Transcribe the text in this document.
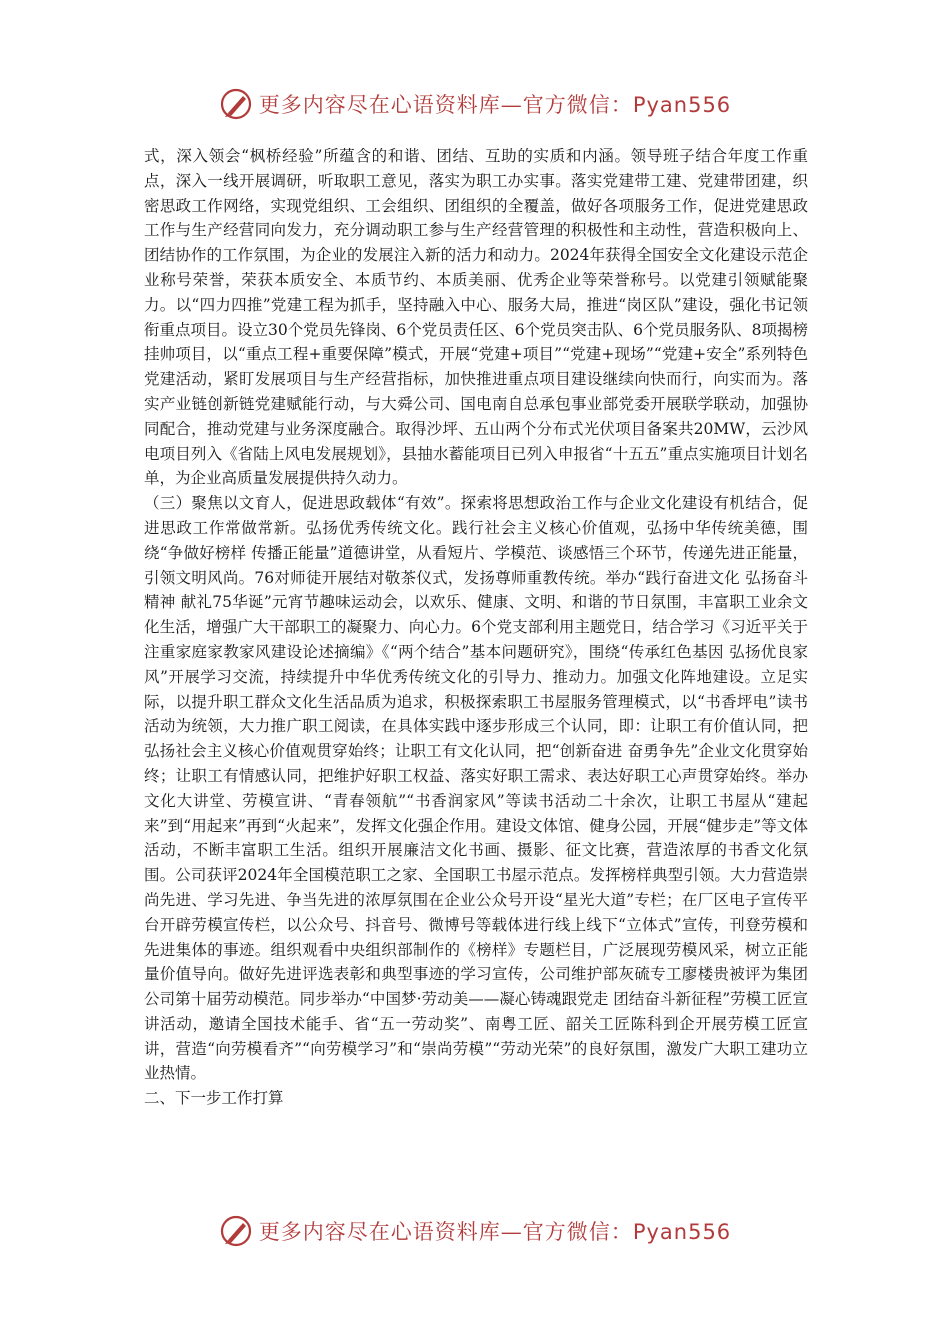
更多内容尽在心语资料库—官方微信：Pyan556

式，深入领会“枫桥经验”所蕴含的和谐、团结、互助的实质和内涵。领导班子结合年度工作重点，深入一线开展调研，听取职工意见，落实为职工办实事。落实党建带工建、党建带团建，织密思政工作网络，实现党组织、工会组织、团组织的全覆盖，做好各项服务工作，促进党建思政工作与生产经营同向发力，充分调动职工参与生产经营管理的积极性和主动性，营造积极向上、团结协作的工作氛围，为企业的发展注入新的活力和动力。2024年获得全国安全文化建设示范企业称号荣誉，荣获本质安全、本质节约、本质美丽、优秀企业等荣誉称号。以党建引领赋能聚力。以“四力四推”党建工程为抓手，坚持融入中心、服务大局，推进“岗区队”建设，强化书记领衔重点项目。设立30个党员先锋岗、6个党员责任区、6个党员突击队、6个党员服务队、8项揭榜挂帅项目，以“重点工程+重要保障”模式，开展“党建+项目”“党建+现场”“党建+安全”系列特色党建活动，紧盯发展项目与生产经营指标，加快推进重点项目建设继续向快而行，向实而为。落实产业链创新链党建赋能行动，与大舜公司、国电南自总承包事业部党委开展联学联动，加强协同配合，推动党建与业务深度融合。取得沙坪、五山两个分布式光伏项目备案共20MW，云沙风电项目列入《省陆上风电发展规划》，县抽水蓄能项目已列入申报省“十五五”重点实施项目计划名单，为企业高质量发展提供持久动力。

（三）聚焦以文育人，促进思政载体“有效”。探索将思想政治工作与企业文化建设有机结合，促进思政工作常做常新。弘扬优秀传统文化。践行社会主义核心价值观，弘扬中华传统美德，围绕“争做好榜样 传播正能量”道德讲堂，从看短片、学模范、谈感悟三个环节，传递先进正能量，引领文明风尚。76对师徒开展结对敬茶仪式，发扬尊师重教传统。举办“践行奋进文化 弘扬奋斗精神 献礼75华诞”元宵节趣味运动会，以欢乐、健康、文明、和谐的节日氛围，丰富职工业余文化生活，增强广大干部职工的凝聚力、向心力。6个党支部利用主题党日，结合学习《习近平关于注重家庭家教家风建设论述摘编》《“两个结合”基本问题研究》，围绕“传承红色基因 弘扬优良家风”开展学习交流，持续提升中华优秀传统文化的引导力、推动力。加强文化阵地建设。立足实际，以提升职工群众文化生活品质为追求，积极探索职工书屋服务管理模式，以“书香坪电”读书活动为统领，大力推广职工阅读，在具体实践中逐步形成三个认同，即：让职工有价值认同，把弘扬社会主义核心价值观贯穿始终；让职工有文化认同，把“创新奋进 奋勇争先”企业文化贯穿始终；让职工有情感认同，把维护好职工权益、落实好职工需求、表达好职工心声贯穿始终。举办文化大讲堂、劳模宣讲、“青春领航”“书香润家风”等读书活动二十余次，让职工书屋从“建起来”到“用起来”再到“火起来”，发挥文化强企作用。建设文体馆、健身公园，开展“健步走”等文体活动，不断丰富职工生活。组织开展廉洁文化书画、摄影、征文比赛，营造浓厚的书香文化氛围。公司获评2024年全国模范职工之家、全国职工书屋示范点。发挥榜样典型引领。大力营造崇尚先进、学习先进、争当先进的浓厚氛围在企业公众号开设“星光大道”专栏；在厂区电子宣传平台开辟劳模宣传栏，以公众号、抖音号、微博号等载体进行线上线下“立体式”宣传，刊登劳模和先进集体的事迹。组织观看中央组织部制作的《榜样》专题栏目，广泛展现劳模风采，树立正能量价值导向。做好先进评选表彰和典型事迹的学习宣传，公司维护部灰硫专工廖楼贵被评为集团公司第十届劳动模范。同步举办“中国梦·劳动美——凝心铸魂跟党走 团结奋斗新征程”劳模工匠宣讲活动，邀请全国技术能手、省“五一劳动奖”、南粤工匠、韶关工匠陈科到企开展劳模工匠宣讲，营造“向劳模看齐”“向劳模学习”和“崇尚劳模”“劳动光荣”的良好氛围，激发广大职工建功立业热情。

二、下一步工作打算

更多内容尽在心语资料库—官方微信：Pyan556
